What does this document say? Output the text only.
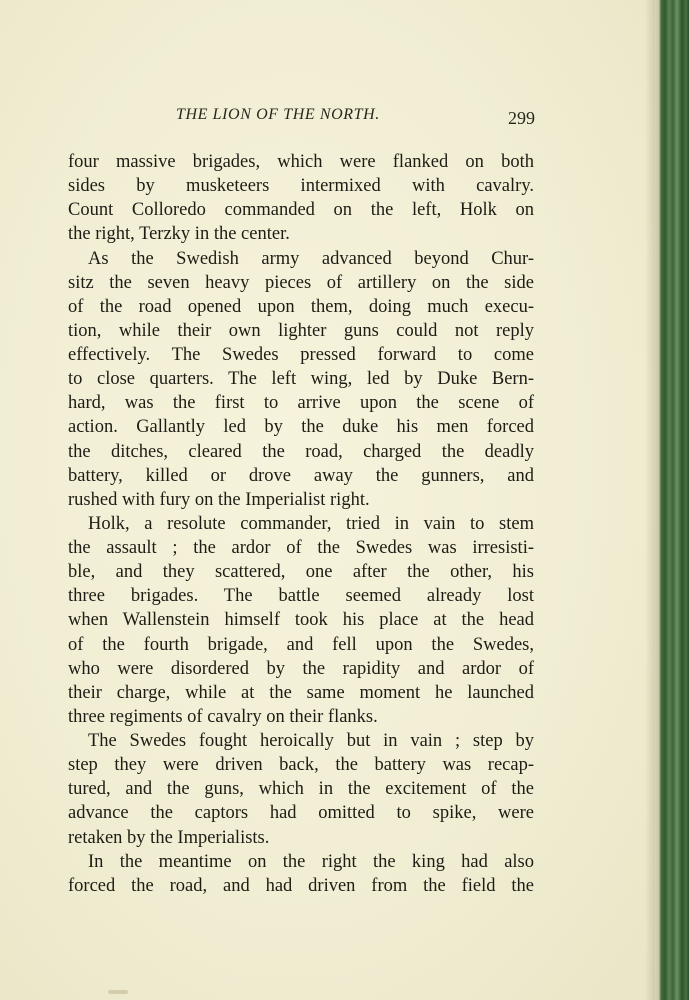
THE LION OF THE NORTH.	299
four massive brigades, which were flanked on both
sides by musketeers intermixed with cavalry.
Count Colloredo commanded on the left, Holk on
the right, Terzky in the center.
As the Swedish army advanced beyond Chur-
sitz the seven heavy pieces of artillery on the side
of the road opened upon them, doing much execu-
tion, while their own lighter guns could not reply
effectively. The Swedes pressed forward to come
to close quarters. The left wing, led by Duke Bern-
hard, was the first to arrive upon the scene of
action. Gallantly led by the duke his men forced
the ditches, cleared the road, charged the deadly
battery, killed or drove away the gunners, and
rushed with fury on the Imperialist right.
Holk, a resolute commander, tried in vain to stem
the assault ; the ardor of the Swedes was irresisti-
ble, and they scattered, one after the other, his
three brigades. The battle seemed already lost
when Wallenstein himself took his place at the head
of the fourth brigade, and fell upon the Swedes,
who were disordered by the rapidity and ardor of
their charge, while at the same moment he launched
three regiments of cavalry on their flanks.
The Swedes fought heroically but in vain ; step by
step they were driven back, the battery was recap-
tured, and the guns, which in the excitement of the
advance the captors had omitted to spike, were
retaken by the Imperialists.
In the meantime on the right the king had also
forced the road, and had driven from the field the
